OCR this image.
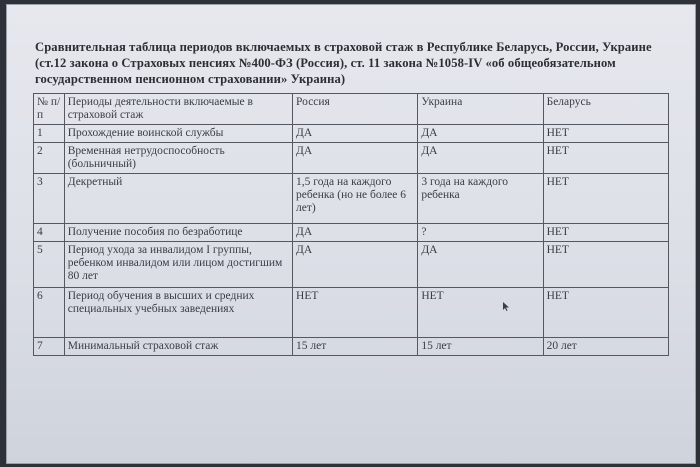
Сравнительная таблица периодов включаемых в страховой стаж в Республике Беларусь, России, Украине (ст.12 закона о Страховых пенсиях №400-ФЗ (Россия), ст. 11 закона №1058-IV «об общеобязательном государственном пенсионном страховании» Украина)
№ п/п	Периоды деятельности включаемые в страховой стаж	Россия	Украина	Беларусь
1	Прохождение воинской службы	ДА	ДА	НЕТ
2	Временная нетрудоспособность (больничный)	ДА	ДА	НЕТ
3	Декретный	1,5 года на каждого ребенка (но не более 6 лет)	3 года на каждого ребенка	НЕТ
4	Получение пособия по безработице	ДА	?	НЕТ
5	Период ухода за инвалидом I группы, ребенком инвалидом или лицом достигшим 80 лет	ДА	ДА	НЕТ
6	Период обучения в высших и средних специальных учебных заведениях	НЕТ	НЕТ	НЕТ
7	Минимальный страховой стаж	15 лет	15 лет	20 лет
